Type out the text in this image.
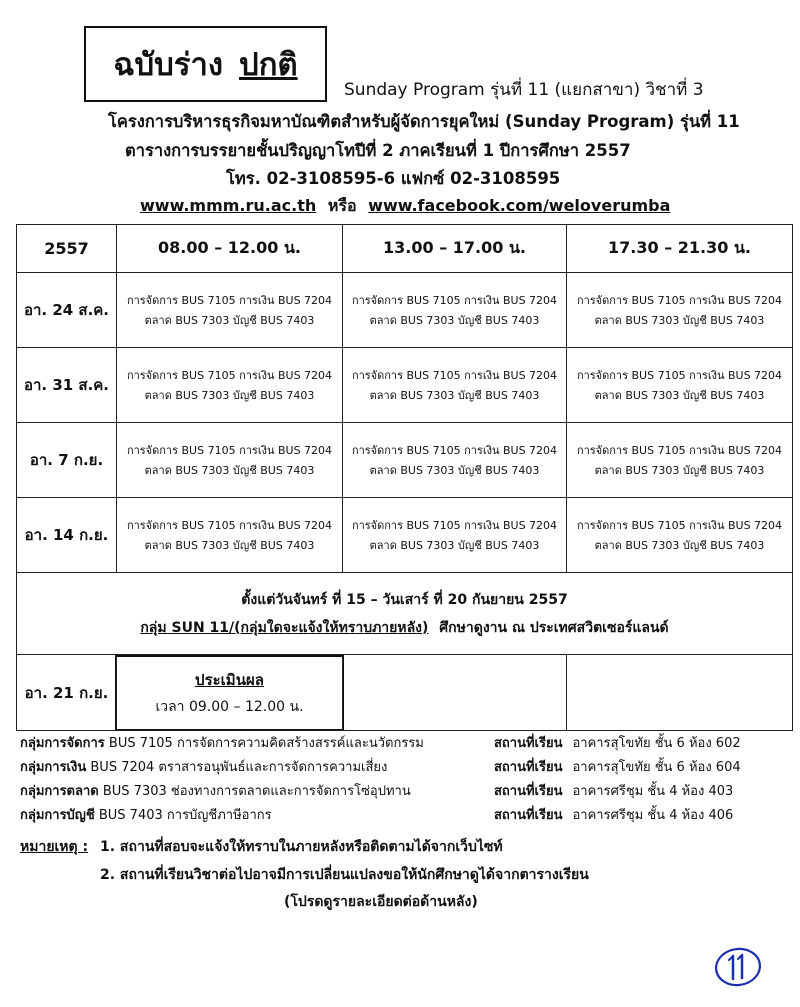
ฉบับร่าง ปกติ
Sunday Program รุ่นที่ 11 (แยกสาขา) วิชาที่ 3
โครงการบริหารธุรกิจมหาบัณฑิตสำหรับผู้จัดการยุคใหม่ (Sunday Program) รุ่นที่ 11
ตารางการบรรยายชั้นปริญญาโทปีที่ 2 ภาคเรียนที่ 1 ปีการศึกษา 2557
โทร. 02-3108595-6 แฟกซ์ 02-3108595
www.mmm.ru.ac.th หรือ www.facebook.com/weloverumba
2557	08.00 – 12.00 น.	13.00 – 17.00 น.	17.30 – 21.30 น.
อา. 24 ส.ค.	การจัดการ BUS 7105 การเงิน BUS 7204
ตลาด BUS 7303 บัญชี BUS 7403	การจัดการ BUS 7105 การเงิน BUS 7204
ตลาด BUS 7303 บัญชี BUS 7403	การจัดการ BUS 7105 การเงิน BUS 7204
ตลาด BUS 7303 บัญชี BUS 7403

อา. 31 ส.ค.	การจัดการ BUS 7105 การเงิน BUS 7204
ตลาด BUS 7303 บัญชี BUS 7403	การจัดการ BUS 7105 การเงิน BUS 7204
ตลาด BUS 7303 บัญชี BUS 7403	การจัดการ BUS 7105 การเงิน BUS 7204
ตลาด BUS 7303 บัญชี BUS 7403

อา. 7 ก.ย.	การจัดการ BUS 7105 การเงิน BUS 7204
ตลาด BUS 7303 บัญชี BUS 7403	การจัดการ BUS 7105 การเงิน BUS 7204
ตลาด BUS 7303 บัญชี BUS 7403	การจัดการ BUS 7105 การเงิน BUS 7204
ตลาด BUS 7303 บัญชี BUS 7403

อา. 14 ก.ย.	การจัดการ BUS 7105 การเงิน BUS 7204
ตลาด BUS 7303 บัญชี BUS 7403	การจัดการ BUS 7105 การเงิน BUS 7204
ตลาด BUS 7303 บัญชี BUS 7403	การจัดการ BUS 7105 การเงิน BUS 7204
ตลาด BUS 7303 บัญชี BUS 7403

ตั้งแต่วันจันทร์ ที่ 15 – วันเสาร์ ที่ 20 กันยายน 2557
กลุ่ม SUN 11/(กลุ่มใดจะแจ้งให้ทราบภายหลัง) ศึกษาดูงาน ณ ประเทศสวิตเซอร์แลนด์			

อา. 21 ก.ย.	ประเมินผล
เวลา 09.00 – 12.00 น.		

กลุ่มการจัดการ BUS 7105 การจัดการความคิดสร้างสรรค์และนวัตกรรม	สถานที่เรียน อาคารสุโขทัย ชั้น 6 ห้อง 602
กลุ่มการเงิน BUS 7204 ตราสารอนุพันธ์และการจัดการความเสี่ยง	สถานที่เรียน อาคารสุโขทัย ชั้น 6 ห้อง 604
กลุ่มการตลาด BUS 7303 ช่องทางการตลาดและการจัดการโซ่อุปทาน	สถานที่เรียน อาคารศรีชุม ชั้น 4 ห้อง 403
กลุ่มการบัญชี BUS 7403 การบัญชีภาษีอากร	สถานที่เรียน อาคารศรีชุม ชั้น 4 ห้อง 406
หมายเหตุ : 1. สถานที่สอบจะแจ้งให้ทราบในภายหลังหรือติดตามได้จากเว็บไซท์
2. สถานที่เรียนวิชาต่อไปอาจมีการเปลี่ยนแปลงขอให้นักศึกษาดูได้จากตารางเรียน
(โปรดดูรายละเอียดต่อด้านหลัง)
